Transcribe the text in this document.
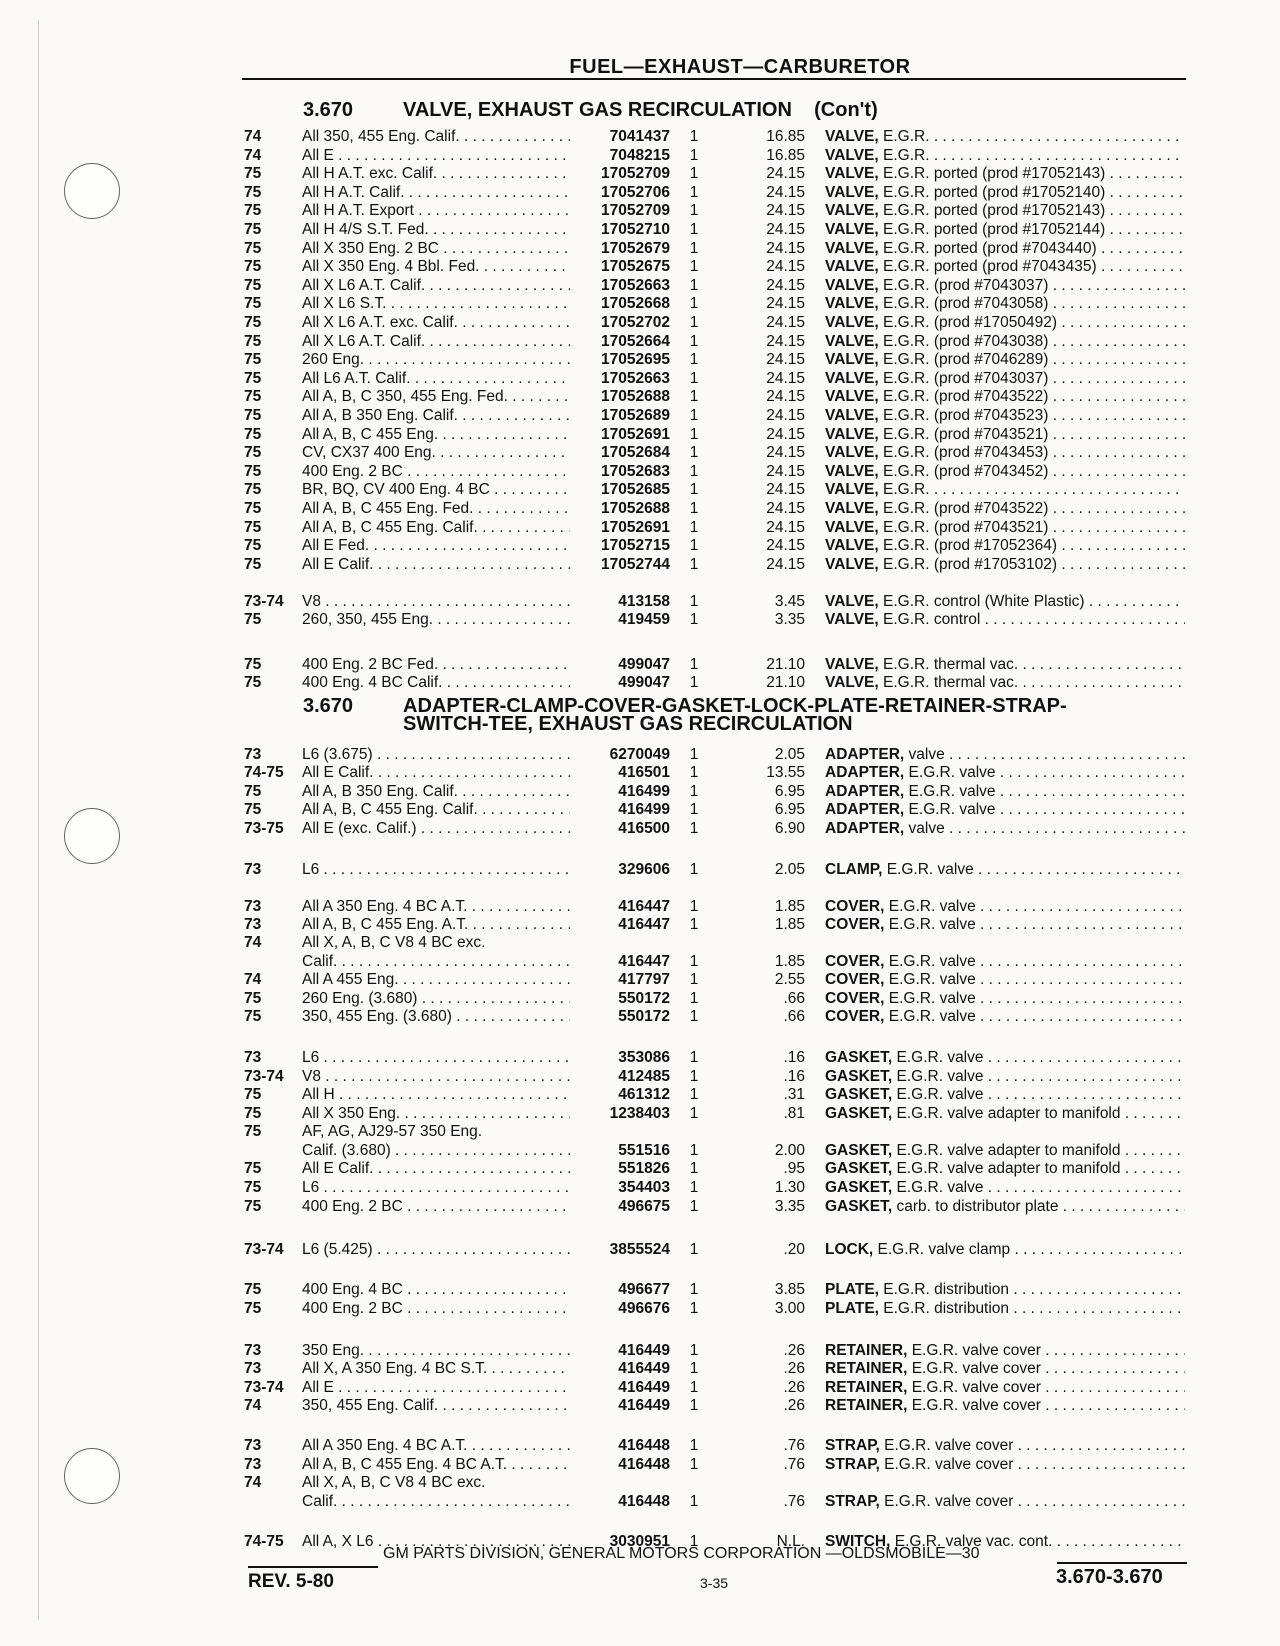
FUEL—EXHAUST—CARBURETOR
3.670	VALVE, EXHAUST GAS RECIRCULATION (Con't)
74	All 350, 455 Eng. Calif. . . .	7041437	1	16.85 VALVE, E.G.R. . . .
74	All E . . .	7048215	1	16.85 VALVE, E.G.R. . . .
75	All H A.T. exc. Calif. . . .	17052709	1	24.15 VALVE, E.G.R. ported (prod #17052143) . . .
75	All H A.T. Calif. . . .	17052706	1	24.15 VALVE, E.G.R. ported (prod #17052140) . . .
75	All H A.T. Export . . .	17052709	1	24.15 VALVE, E.G.R. ported (prod #17052143) . . .
75	All H 4/S S.T. Fed. . . .	17052710	1	24.15 VALVE, E.G.R. ported (prod #17052144) . . .
75	All X 350 Eng. 2 BC . . .	17052679	1	24.15 VALVE, E.G.R. ported (prod #7043440) . . .
75	All X 350 Eng. 4 Bbl. Fed. . . .	17052675	1	24.15 VALVE, E.G.R. ported (prod #7043435) . . .
75	All X L6 A.T. Calif. . . .	17052663	1	24.15 VALVE, E.G.R. (prod #7043037) . . .
75	All X L6 S.T. . . .	17052668	1	24.15 VALVE, E.G.R. (prod #7043058) . . .
75	All X L6 A.T. exc. Calif. . . .	17052702	1	24.15 VALVE, E.G.R. (prod #17050492) . . .
75	All X L6 A.T. Calif. . . .	17052664	1	24.15 VALVE, E.G.R. (prod #7043038) . . .
75	260 Eng. . . .	17052695	1	24.15 VALVE, E.G.R. (prod #7046289) . . .
75	All L6 A.T. Calif. . . .	17052663	1	24.15 VALVE, E.G.R. (prod #7043037) . . .
75	All A, B, C 350, 455 Eng. Fed. . . .	17052688	1	24.15 VALVE, E.G.R. (prod #7043522) . . .
75	All A, B 350 Eng. Calif. . . .	17052689	1	24.15 VALVE, E.G.R. (prod #7043523) . . .
75	All A, B, C 455 Eng. . . .	17052691	1	24.15 VALVE, E.G.R. (prod #7043521) . . .
75	CV, CX37 400 Eng. . . .	17052684	1	24.15 VALVE, E.G.R. (prod #7043453) . . .
75	400 Eng. 2 BC . . .	17052683	1	24.15 VALVE, E.G.R. (prod #7043452) . . .
75	BR, BQ, CV 400 Eng. 4 BC . . .	17052685	1	24.15 VALVE, E.G.R. . . .
75	All A, B, C 455 Eng. Fed. . . .	17052688	1	24.15 VALVE, E.G.R. (prod #7043522) . . .
75	All A, B, C 455 Eng. Calif. . . .	17052691	1	24.15 VALVE, E.G.R. (prod #7043521) . . .
75	All E Fed. . . .	17052715	1	24.15 VALVE, E.G.R. (prod #17052364) . . .
75	All E Calif. . . .	17052744	1	24.15 VALVE, E.G.R. (prod #17053102) . . .
73-74	V8 . . .	413158	1	3.45 VALVE, E.G.R. control (White Plastic) . . .
75	260, 350, 455 Eng. . . .	419459	1	3.35 VALVE, E.G.R. control . . .
75	400 Eng. 2 BC Fed. . . .	499047	1	21.10 VALVE, E.G.R. thermal vac. . . .
75	400 Eng. 4 BC Calif. . . .	499047	1	21.10 VALVE, E.G.R. thermal vac. . . .
3.670	ADAPTER-CLAMP-COVER-GASKET-LOCK-PLATE-RETAINER-STRAP-
SWITCH-TEE, EXHAUST GAS RECIRCULATION
73	L6 (3.675) . . .	6270049	1	2.05 ADAPTER, valve . . .
74-75	All E Calif. . . .	416501	1	13.55 ADAPTER, E.G.R. valve . . .
75	All A, B 350 Eng. Calif. . . .	416499	1	6.95 ADAPTER, E.G.R. valve . . .
75	All A, B, C 455 Eng. Calif. . . .	416499	1	6.95 ADAPTER, E.G.R. valve . . .
73-75	All E (exc. Calif.) . . .	416500	1	6.90 ADAPTER, valve . . .
73	L6 . . .	329606	1	2.05 CLAMP, E.G.R. valve . . .
73	All A 350 Eng. 4 BC A.T. . . .	416447	1	1.85 COVER, E.G.R. valve . . .
73	All A, B, C 455 Eng. A.T. . . .	416447	1	1.85 COVER, E.G.R. valve . . .
74	All X, A, B, C V8 4 BC exc.
Calif. . . .	416447	1	1.85 COVER, E.G.R. valve . . .
74	All A 455 Eng. . . .	417797	1	2.55 COVER, E.G.R. valve . . .
75	260 Eng. (3.680) . . .	550172	1	.66 COVER, E.G.R. valve . . .
75	350, 455 Eng. (3.680) . . .	550172	1	.66 COVER, E.G.R. valve . . .
73	L6 . . .	353086	1	.16 GASKET, E.G.R. valve . . .
73-74	V8 . . .	412485	1	.16 GASKET, E.G.R. valve . . .
75	All H . . .	461312	1	.31 GASKET, E.G.R. valve . . .
75	All X 350 Eng. . . .	1238403	1	.81 GASKET, E.G.R. valve adapter to manifold . . .
75	AF, AG, AJ29-57 350 Eng.
Calif. (3.680) . . .	551516	1	2.00 GASKET, E.G.R. valve adapter to manifold . . .
75	All E Calif. . . .	551826	1	.95 GASKET, E.G.R. valve adapter to manifold . . .
75	L6 . . .	354403	1	1.30 GASKET, E.G.R. valve . . .
75	400 Eng. 2 BC . . .	496675	1	3.35 GASKET, carb. to distributor plate . . .
73-74	L6 (5.425) . . .	3855524	1	.20 LOCK, E.G.R. valve clamp . . .
75	400 Eng. 4 BC . . .	496677	1	3.85 PLATE, E.G.R. distribution . . .
75	400 Eng. 2 BC . . .	496676	1	3.00 PLATE, E.G.R. distribution . . .
73	350 Eng. . . .	416449	1	.26 RETAINER, E.G.R. valve cover . . .
73	All X, A 350 Eng. 4 BC S.T. . . .	416449	1	.26 RETAINER, E.G.R. valve cover . . .
73-74	All E . . .	416449	1	.26 RETAINER, E.G.R. valve cover . . .
74	350, 455 Eng. Calif. . . .	416449	1	.26 RETAINER, E.G.R. valve cover . . .
73	All A 350 Eng. 4 BC A.T. . . .	416448	1	.76 STRAP, E.G.R. valve cover . . .
73	All A, B, C 455 Eng. 4 BC A.T. . . .	416448	1	.76 STRAP, E.G.R. valve cover . . .
74	All X, A, B, C V8 4 BC exc.
Calif. . . .	416448	1	.76 STRAP, E.G.R. valve cover . . .
74-75	All A, X L6 . . .	3030951	1	N.L. SWITCH, E.G.R. valve vac. cont. . . .
GM PARTS DIVISION, GENERAL MOTORS CORPORATION —OLDSMOBILE—30
REV. 5-80	3-35	3.670-3.670
